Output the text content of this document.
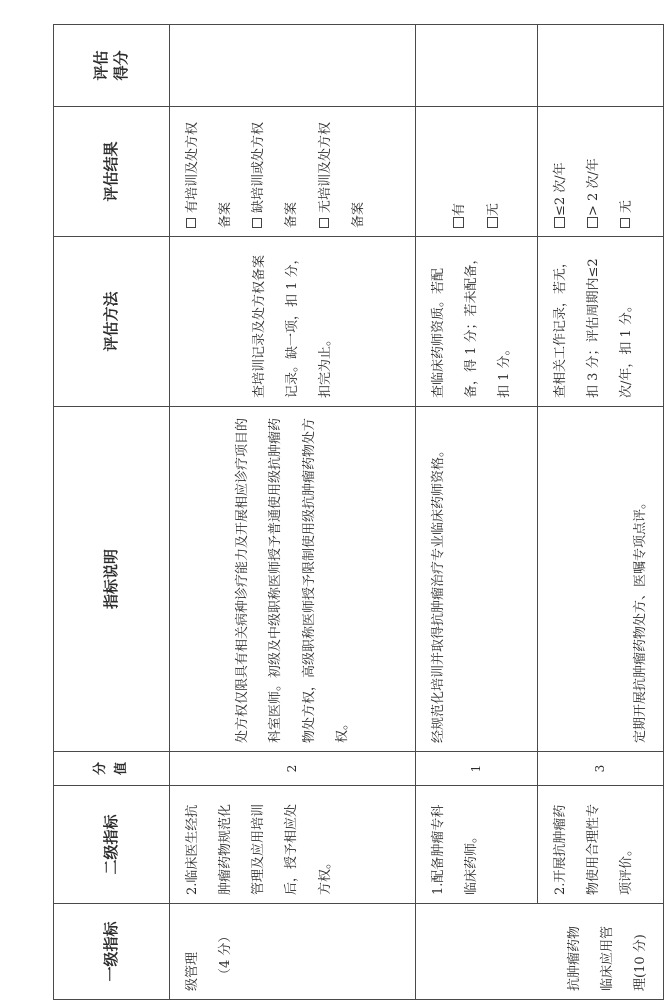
一级指标	二级指标	分值	指标说明	评估方法	评估结果	评估 得分

级管理 （4 分）	2.临床医生经抗肿瘤药物规范化管理及应用培训后，授予相应处方权。	2	处方权仅限具有相关病种诊疗能力及开展相应诊疗项目的科室医师。初级及中级职称医师授予普通使用级抗肿瘤药物处方权，高级职称医师授予限制使用级抗肿瘤药物处方权。	查培训记录及处方权备案记录。缺一项，扣 1 分，扣完为止。	有培训及处方权备案
缺培训或处方权备案
无培训及处方权备案	

抗肿瘤药物 临床应用管 理(10 分)	1.配备肿瘤专科临床药师。	1	经规范化培训并取得抗肿瘤治疗专业临床药师资格。	查临床药师资质。若配备，得 1 分；若未配备，扣 1 分。	有 无	

	2.开展抗肿瘤药物使用合理性专项评价。	3	定期开展抗肿瘤药物处方、医嘱专项点评。	查相关工作记录，若无，扣 3 分；评估周期内≤2 次/年，扣 1 分。	≤2 次/年 > 2 次/年 无	
